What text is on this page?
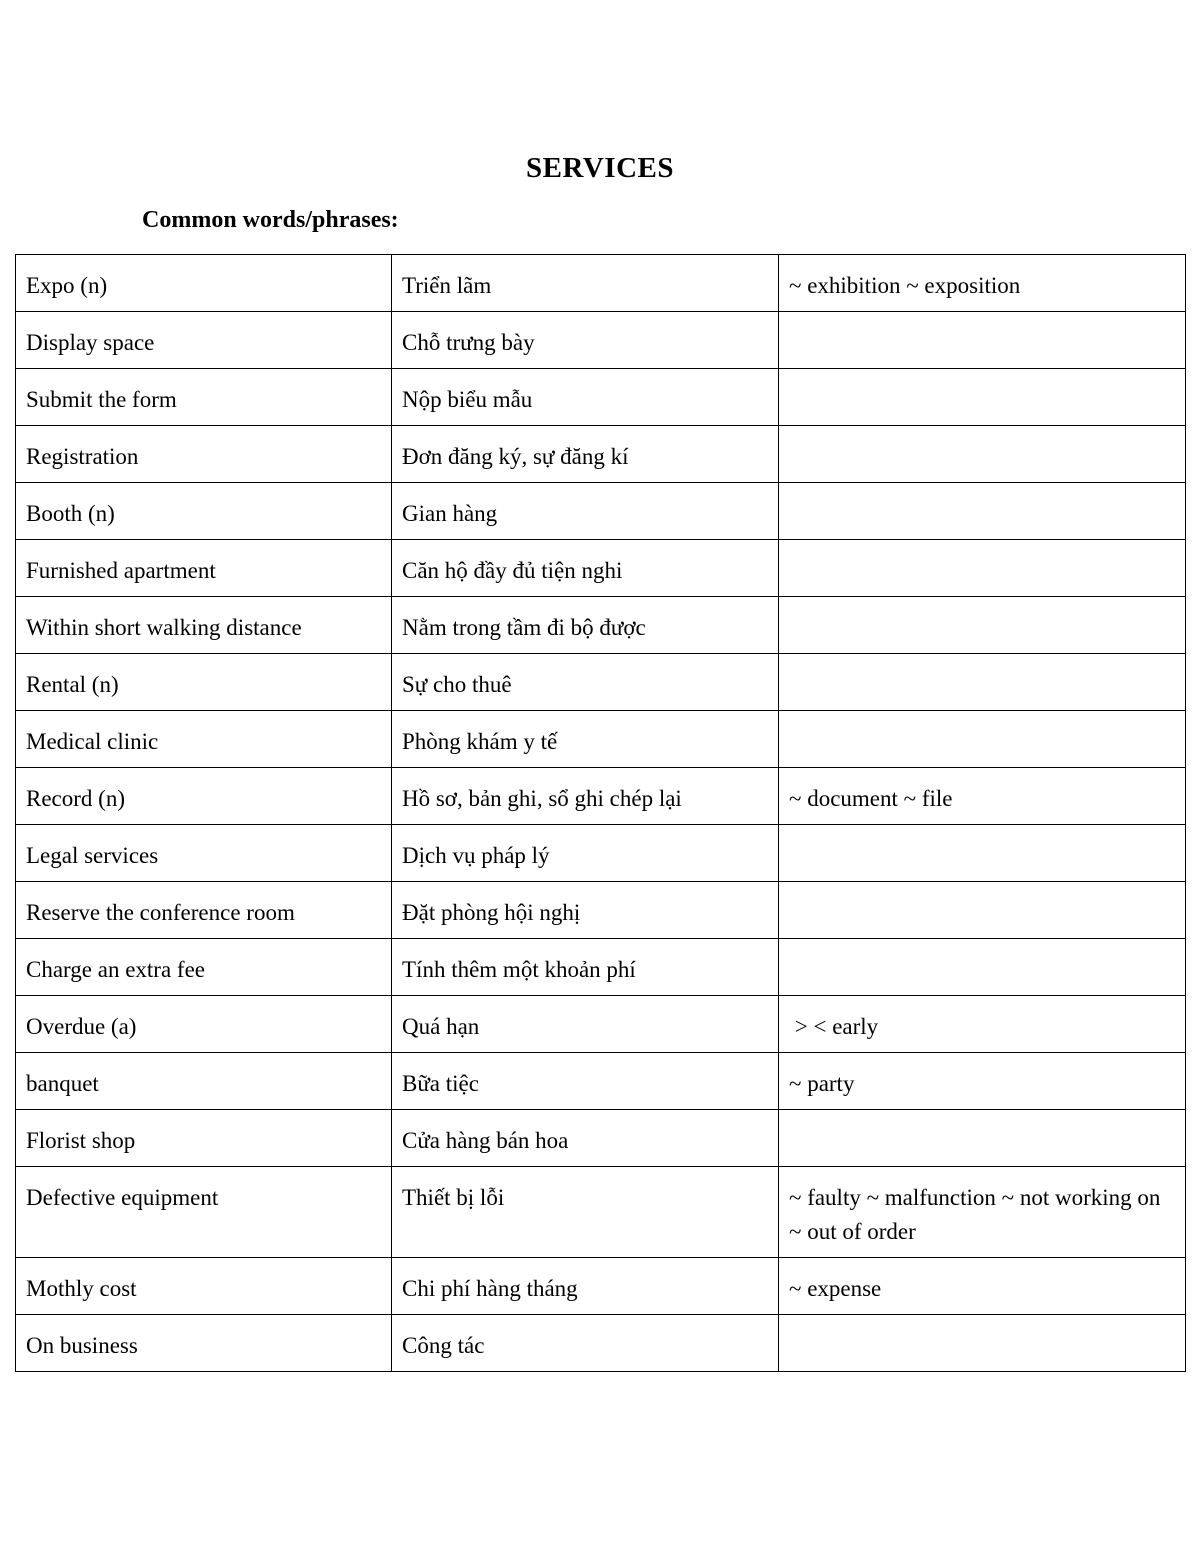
SERVICES
Common words/phrases:
Expo (n)	Triển lãm	~ exhibition ~ exposition
Display space	Chỗ trưng bày	
Submit the form	Nộp biểu mẫu	
Registration	Đơn đăng ký, sự đăng kí	
Booth (n)	Gian hàng	
Furnished apartment	Căn hộ đầy đủ tiện nghi	
Within short walking distance	Nằm trong tầm đi bộ được	
Rental (n)	Sự cho thuê	
Medical clinic	Phòng khám y tế	
Record (n)	Hồ sơ, bản ghi, sổ ghi chép lại	~ document ~ file
Legal services	Dịch vụ pháp lý	
Reserve the conference room	Đặt phòng hội nghị	
Charge an extra fee	Tính thêm một khoản phí	
Overdue (a)	Quá hạn	> < early
banquet	Bữa tiệc	~ party
Florist shop	Cửa hàng bán hoa	
Defective equipment	Thiết bị lỗi	~ faulty ~ malfunction ~ not working on ~ out of order
Mothly cost	Chi phí hàng tháng	~ expense
On business	Công tác	
